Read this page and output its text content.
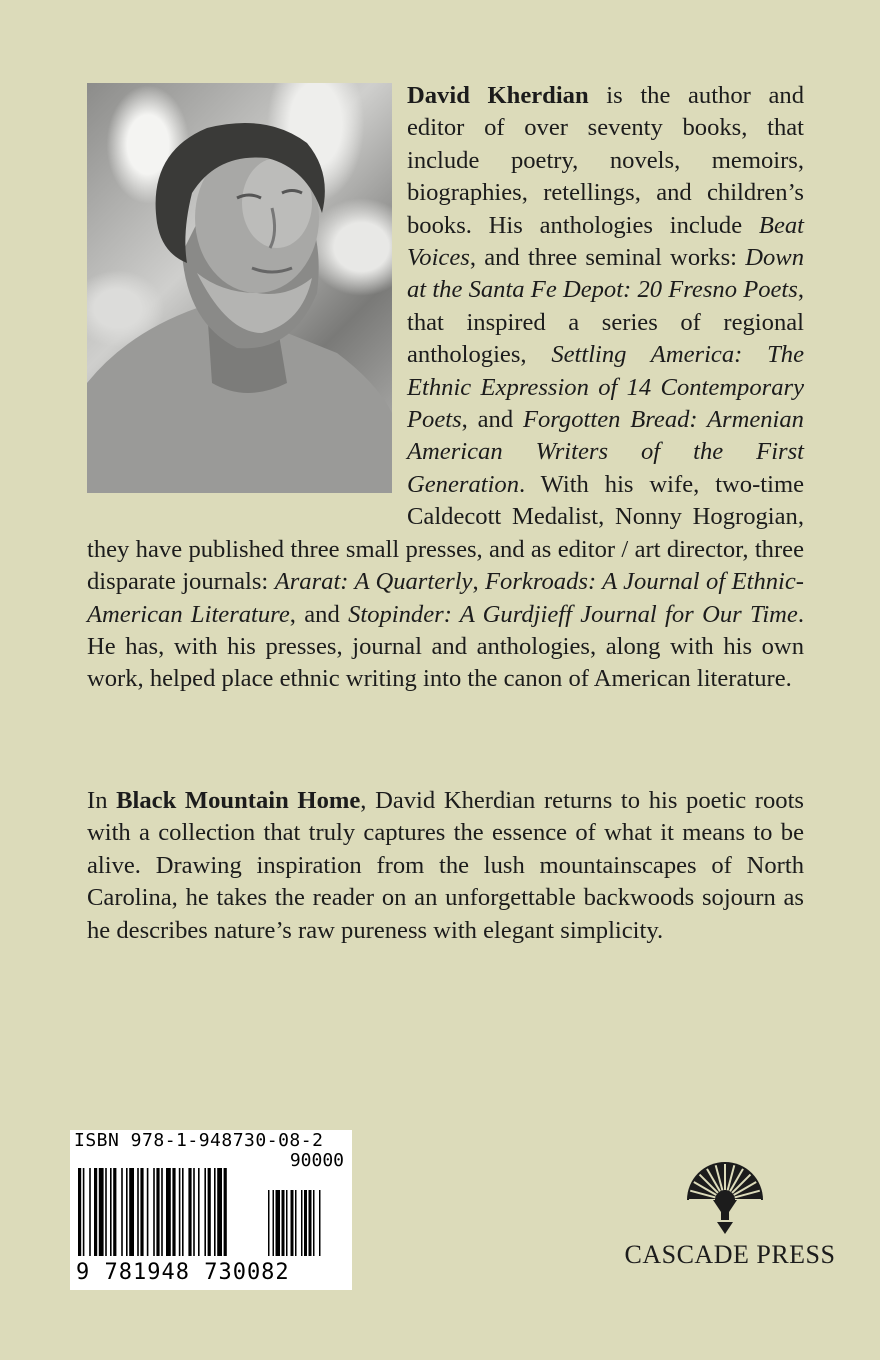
David Kherdian is the author and editor of over seventy books, that include poetry, novels, memoirs, biographies, retellings, and children’s books. His anthologies include Beat Voices, and three seminal works: Down at the Santa Fe Depot: 20 Fresno Poets, that inspired a series of regional anthologies, Settling America: The Ethnic Expression of 14 Contemporary Poets, and Forgotten Bread: Armenian American Writers of the First Generation. With his wife, two-time Caldecott Medalist, Nonny Hogrogian, they have published three small presses, and as editor / art director, three disparate journals: Ararat: A Quarterly, Forkroads: A Journal of Ethnic-American Literature, and Stopinder: A Gurdjieff Journal for Our Time. He has, with his presses, journal and anthologies, along with his own work, helped place ethnic writing into the canon of American literature.

In Black Mountain Home, David Kherdian returns to his poetic roots with a collection that truly captures the essence of what it means to be alive. Drawing inspiration from the lush mountainscapes of North Carolina, he takes the reader on an unforgettable backwoods sojourn as he describes nature’s raw pureness with elegant simplicity.

ISBN 978-1-948730-08-2
90000
9 781948 730082

CASCADE PRESS
